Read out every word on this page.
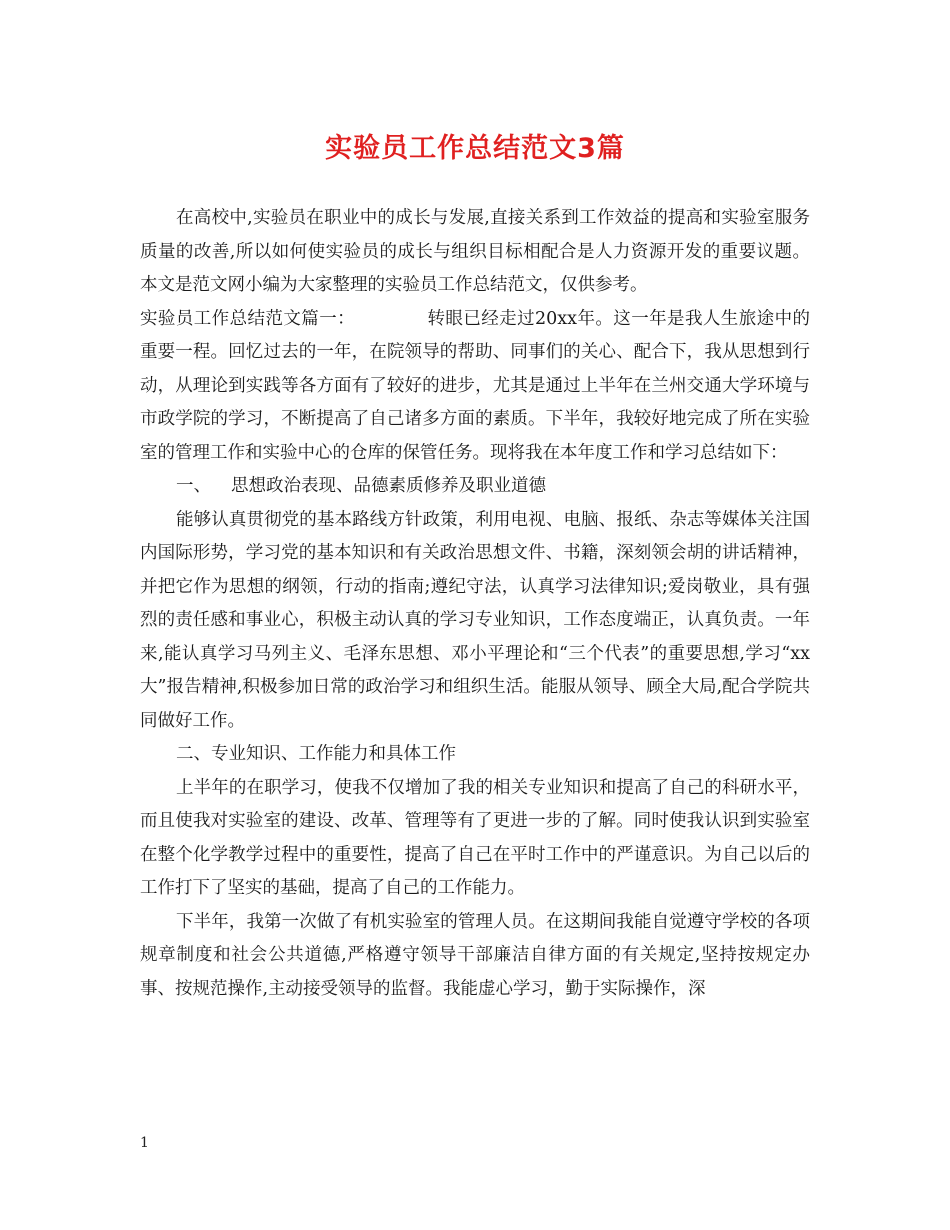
实验员工作总结范文3篇

在高校中,实验员在职业中的成长与发展,直接关系到工作效益的提高和实验室服务质量的改善,所以如何使实验员的成长与组织目标相配合是人力资源开发的重要议题。本文是范文网小编为大家整理的实验员工作总结范文，仅供参考。

实验员工作总结范文篇一：	转眼已经走过20xx年。这一年是我人生旅途中的重要一程。回忆过去的一年，在院领导的帮助、同事们的关心、配合下，我从思想到行动，从理论到实践等各方面有了较好的进步，尤其是通过上半年在兰州交通大学环境与市政学院的学习，不断提高了自己诸多方面的素质。下半年，我较好地完成了所在实验室的管理工作和实验中心的仓库的保管任务。现将我在本年度工作和学习总结如下：

一、 思想政治表现、品德素质修养及职业道德

能够认真贯彻党的基本路线方针政策，利用电视、电脑、报纸、杂志等媒体关注国内国际形势，学习党的基本知识和有关政治思想文件、书籍，深刻领会胡的讲话精神，并把它作为思想的纲领，行动的指南;遵纪守法，认真学习法律知识;爱岗敬业，具有强烈的责任感和事业心，积极主动认真的学习专业知识，工作态度端正，认真负责。一年来,能认真学习马列主义、毛泽东思想、邓小平理论和“三个代表”的重要思想,学习“xx大”报告精神,积极参加日常的政治学习和组织生活。能服从领导、顾全大局,配合学院共同做好工作。

二、专业知识、工作能力和具体工作

上半年的在职学习，使我不仅增加了我的相关专业知识和提高了自己的科研水平，而且使我对实验室的建设、改革、管理等有了更进一步的了解。同时使我认识到实验室在整个化学教学过程中的重要性，提高了自己在平时工作中的严谨意识。为自己以后的工作打下了坚实的基础，提高了自己的工作能力。

下半年，我第一次做了有机实验室的管理人员。在这期间我能自觉遵守学校的各项规章制度和社会公共道德,严格遵守领导干部廉洁自律方面的有关规定,坚持按规定办事、按规范操作,主动接受领导的监督。我能虚心学习，勤于实际操作，深

1
